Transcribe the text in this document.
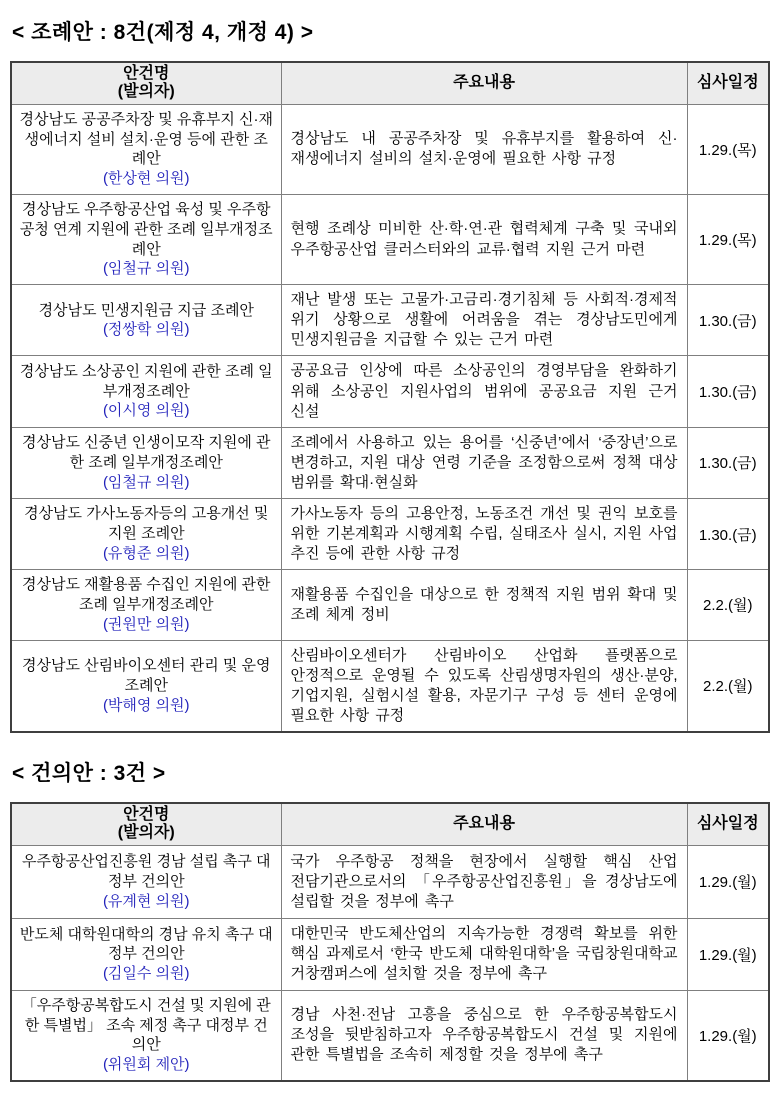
< 조례안 : 8건(제정 4, 개정 4) >
안건명
(발의자)	주요내용	심사일정

경상남도 공공주차장 및 유휴부지 신·재생에너지 설비 설치·운영 등에 관한 조례안
(한상현 의원)	경상남도 내 공공주차장 및 유휴부지를 활용하여 신·재생에너지 설비의 설치·운영에 필요한 사항 규정	1.29.(목)

경상남도 우주항공산업 육성 및 우주항공청 연계 지원에 관한 조례 일부개정조례안
(임철규 의원)	현행 조례상 미비한 산·학·연·관 협력체계 구축 및 국내외 우주항공산업 클러스터와의 교류·협력 지원 근거 마련	1.29.(목)

경상남도 민생지원금 지급 조례안
(정쌍학 의원)	재난 발생 또는 고물가·고금리·경기침체 등 사회적·경제적 위기 상황으로 생활에 어려움을 겪는 경상남도민에게 민생지원금을 지급할 수 있는 근거 마련	1.30.(금)

경상남도 소상공인 지원에 관한 조례 일부개정조례안
(이시영 의원)	공공요금 인상에 따른 소상공인의 경영부담을 완화하기 위해 소상공인 지원사업의 범위에 공공요금 지원 근거 신설	1.30.(금)

경상남도 신중년 인생이모작 지원에 관한 조례 일부개정조례안
(임철규 의원)	조례에서 사용하고 있는 용어를 ‘신중년’에서 ‘중장년’으로 변경하고, 지원 대상 연령 기준을 조정함으로써 정책 대상 범위를 확대·현실화	1.30.(금)

경상남도 가사노동자등의 고용개선 및 지원 조례안
(유형준 의원)	가사노동자 등의 고용안정, 노동조건 개선 및 권익 보호를 위한 기본계획과 시행계획 수립, 실태조사 실시, 지원 사업 추진 등에 관한 사항 규정	1.30.(금)

경상남도 재활용품 수집인 지원에 관한 조례 일부개정조례안
(권원만 의원)	재활용품 수집인을 대상으로 한 정책적 지원 범위 확대 및 조례 체계 정비	2.2.(월)

경상남도 산림바이오센터 관리 및 운영 조례안
(박해영 의원)	산림바이오센터가 산림바이오 산업화 플랫폼으로 안정적으로 운영될 수 있도록 산림생명자원의 생산·분양, 기업지원, 실험시설 활용, 자문기구 구성 등 센터 운영에 필요한 사항 규정	2.2.(월)
< 건의안 : 3건 >
안건명
(발의자)	주요내용	심사일정

우주항공산업진흥원 경남 설립 촉구 대정부 건의안
(유계현 의원)	국가 우주항공 정책을 현장에서 실행할 핵심 산업 전담기관으로서의 「우주항공산업진흥원」을 경상남도에 설립할 것을 정부에 촉구	1.29.(월)

반도체 대학원대학의 경남 유치 촉구 대정부 건의안
(김일수 의원)	대한민국 반도체산업의 지속가능한 경쟁력 확보를 위한 핵심 과제로서 ‘한국 반도체 대학원대학’을 국립창원대학교 거창캠퍼스에 설치할 것을 정부에 촉구	1.29.(월)

「우주항공복합도시 건설 및 지원에 관한 특별법」 조속 제정 촉구 대정부 건의안
(위원회 제안)	경남 사천·전남 고흥을 중심으로 한 우주항공복합도시 조성을 뒷받침하고자 우주항공복합도시 건설 및 지원에 관한 특별법을 조속히 제정할 것을 정부에 촉구	1.29.(월)
